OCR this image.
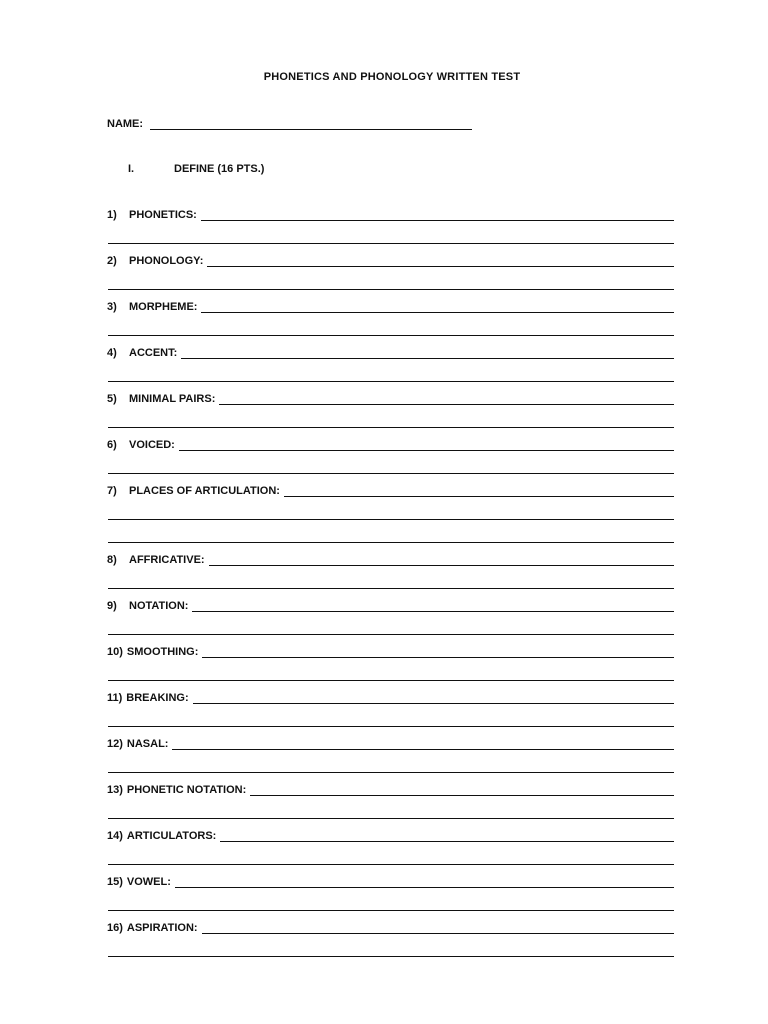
PHONETICS AND PHONOLOGY WRITTEN TEST
NAME:
I.	DEFINE (16 PTS.)
1) PHONETICS:
2) PHONOLOGY:
3) MORPHEME:
4) ACCENT:
5) MINIMAL PAIRS:
6) VOICED:
7) PLACES OF ARTICULATION:
8) AFFRICATIVE:
9) NOTATION:
10) SMOOTHING:
11) BREAKING:
12) NASAL:
13) PHONETIC NOTATION:
14) ARTICULATORS:
15) VOWEL:
16) ASPIRATION:
